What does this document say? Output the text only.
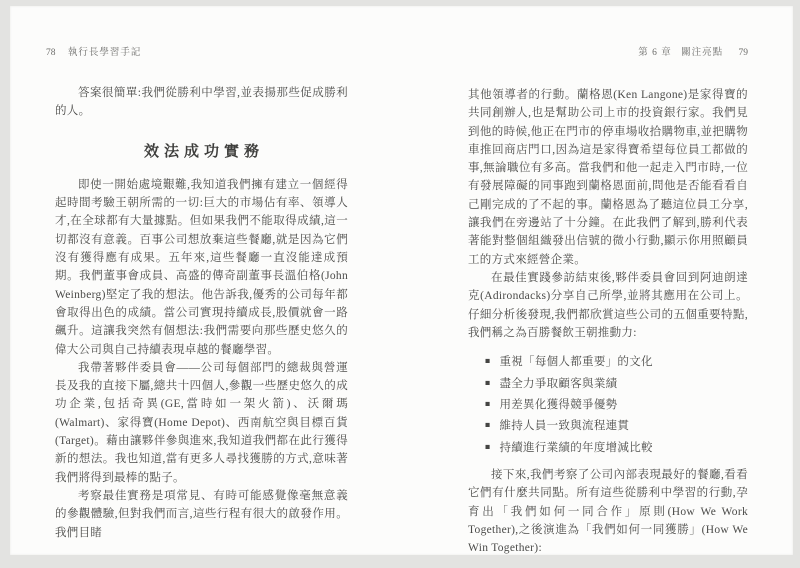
78 執行長學習手記

答案很簡單:我們從勝利中學習,並表揚那些促成勝利的人。

效法成功實務

即使一開始處境艱難,我知道我們擁有建立一個經得起時間考驗王朝所需的一切:巨大的市場佔有率、領導人才,在全球都有大量據點。但如果我們不能取得成績,這一切都沒有意義。百事公司想放棄這些餐廳,就是因為它們沒有獲得應有成果。五年來,這些餐廳一直沒能達成預期。我們董事會成員、高盛的傳奇副董事長溫伯格(John Weinberg)堅定了我的想法。他告訴我,優秀的公司每年都會取得出色的成績。當公司實現持續成長,股價就會一路飆升。這讓我突然有個想法:我們需要向那些歷史悠久的偉大公司與自己持續表現卓越的餐廳學習。

我帶著夥伴委員會——公司每個部門的總裁與營運長及我的直接下屬,總共十四個人,參觀一些歷史悠久的成功企業,包括奇異(GE,當時如一架火箭)、沃爾瑪(Walmart)、家得寶(Home Depot)、西南航空與目標百貨(Target)。藉由讓夥伴參與進來,我知道我們都在此行獲得新的想法。我也知道,當有更多人尋找獲勝的方式,意味著我們將得到最棒的點子。

考察最佳實務是項常見、有時可能感覺像毫無意義的參觀體驗,但對我們而言,這些行程有很大的啟發作用。我們目睹

第 6 章 關注亮點 79

其他領導者的行動。蘭格恩(Ken Langone)是家得寶的共同創辦人,也是幫助公司上市的投資銀行家。我們見到他的時候,他正在門市的停車場收拾購物車,並把購物車推回商店門口,因為這是家得寶希望每位員工都做的事,無論職位有多高。當我們和他一起走入門市時,一位有發展障礙的同事跑到蘭格恩面前,問他是否能看看自己剛完成的了不起的事。蘭格恩為了聽這位員工分享,讓我們在旁邊站了十分鐘。在此我們了解到,勝利代表著能對整個組織發出信號的微小行動,顯示你用照顧員工的方式來經營企業。

在最佳實踐參訪結束後,夥伴委員會回到阿迪朗達克(Adirondacks)分享自己所學,並將其應用在公司上。仔細分析後發現,我們都欣賞這些公司的五個重要特點,我們稱之為百勝餐飲王朝推動力:

■ 重視「每個人都重要」的文化
■ 盡全力爭取顧客與業績
■ 用差異化獲得競爭優勢
■ 維持人員一致與流程連貫
■ 持續進行業績的年度增減比較

接下來,我們考察了公司內部表現最好的餐廳,看看它們有什麼共同點。所有這些從勝利中學習的行動,孕育出「我們如何一同合作」原則(How We Work Together),之後演進為「我們如何一同獲勝」(How We Win Together):
